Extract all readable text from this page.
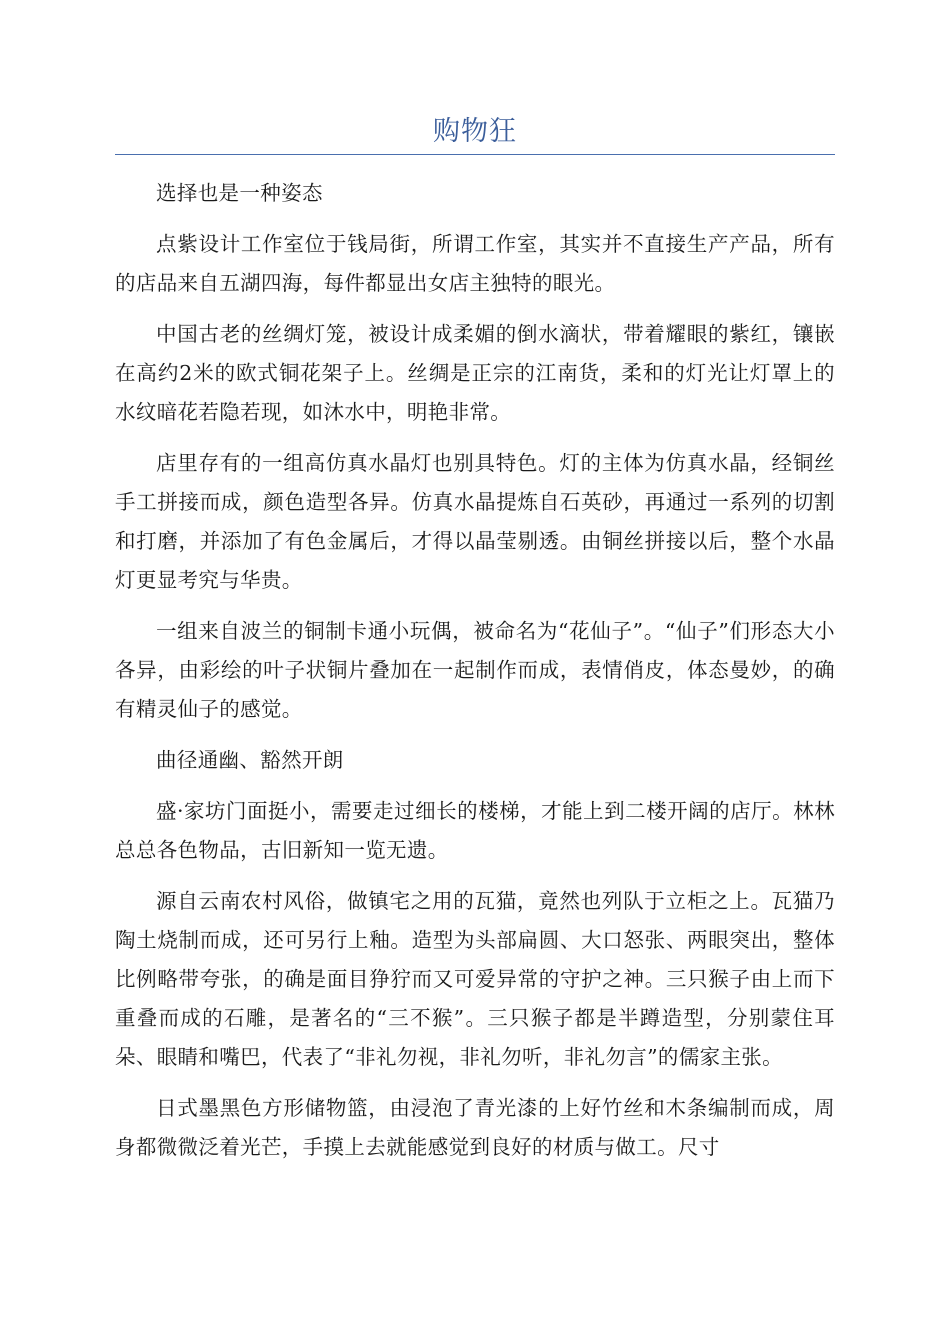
购物狂

选择也是一种姿态

点紫设计工作室位于钱局街，所谓工作室，其实并不直接生产产品，所有的店品来自五湖四海，每件都显出女店主独特的眼光。

中国古老的丝绸灯笼，被设计成柔媚的倒水滴状，带着耀眼的紫红，镶嵌在高约2米的欧式铜花架子上。丝绸是正宗的江南货，柔和的灯光让灯罩上的水纹暗花若隐若现，如沐水中，明艳非常。

店里存有的一组高仿真水晶灯也别具特色。灯的主体为仿真水晶，经铜丝手工拼接而成，颜色造型各异。仿真水晶提炼自石英砂，再通过一系列的切割和打磨，并添加了有色金属后，才得以晶莹剔透。由铜丝拼接以后，整个水晶灯更显考究与华贵。

一组来自波兰的铜制卡通小玩偶，被命名为“花仙子”。“仙子”们形态大小各异，由彩绘的叶子状铜片叠加在一起制作而成，表情俏皮，体态曼妙，的确有精灵仙子的感觉。

曲径通幽、豁然开朗

盛·家坊门面挺小，需要走过细长的楼梯，才能上到二楼开阔的店厅。林林总总各色物品，古旧新知一览无遗。

源自云南农村风俗，做镇宅之用的瓦猫，竟然也列队于立柜之上。瓦猫乃陶土烧制而成，还可另行上釉。造型为头部扁圆、大口怒张、两眼突出，整体比例略带夸张，的确是面目狰狞而又可爱异常的守护之神。三只猴子由上而下重叠而成的石雕，是著名的“三不猴”。三只猴子都是半蹲造型，分别蒙住耳朵、眼睛和嘴巴，代表了“非礼勿视，非礼勿听，非礼勿言”的儒家主张。

日式墨黑色方形储物篮，由浸泡了青光漆的上好竹丝和木条编制而成，周身都微微泛着光芒，手摸上去就能感觉到良好的材质与做工。尺寸
